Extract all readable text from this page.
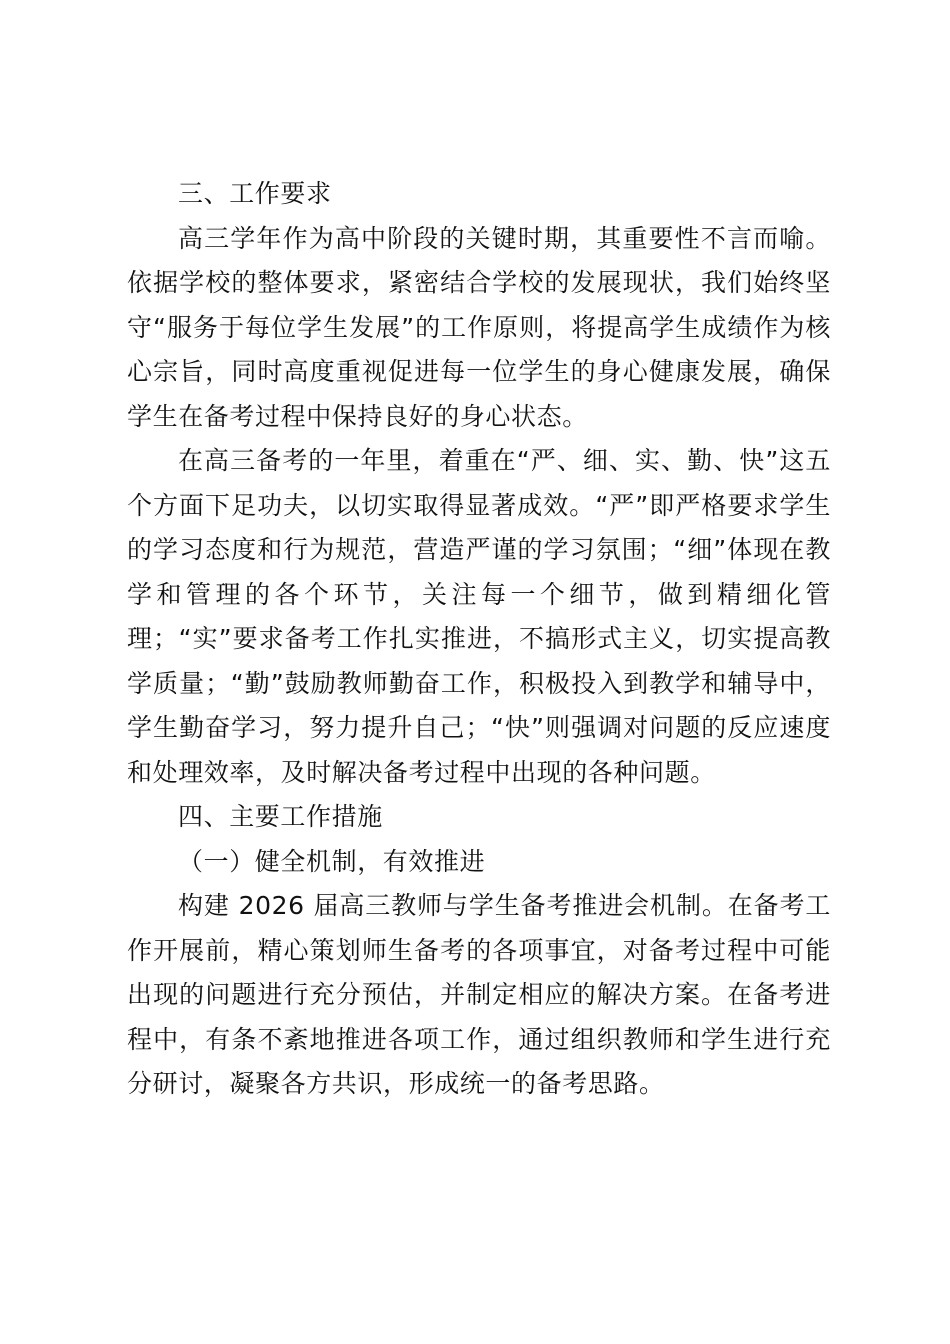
三、工作要求

高三学年作为高中阶段的关键时期，其重要性不言而喻。依据学校的整体要求，紧密结合学校的发展现状，我们始终坚守“服务于每位学生发展”的工作原则，将提高学生成绩作为核心宗旨，同时高度重视促进每一位学生的身心健康发展，确保学生在备考过程中保持良好的身心状态。

在高三备考的一年里，着重在“严、细、实、勤、快”这五个方面下足功夫，以切实取得显著成效。“严”即严格要求学生的学习态度和行为规范，营造严谨的学习氛围；“细”体现在教学和管理的各个环节，关注每一个细节，做到精细化管理；“实”要求备考工作扎实推进，不搞形式主义，切实提高教学质量；“勤”鼓励教师勤奋工作，积极投入到教学和辅导中，学生勤奋学习，努力提升自己；“快”则强调对问题的反应速度和处理效率，及时解决备考过程中出现的各种问题。

四、主要工作措施

（一）健全机制，有效推进

构建 2026 届高三教师与学生备考推进会机制。在备考工作开展前，精心策划师生备考的各项事宜，对备考过程中可能出现的问题进行充分预估，并制定相应的解决方案。在备考进程中，有条不紊地推进各项工作，通过组织教师和学生进行充分研讨，凝聚各方共识，形成统一的备考思路。
